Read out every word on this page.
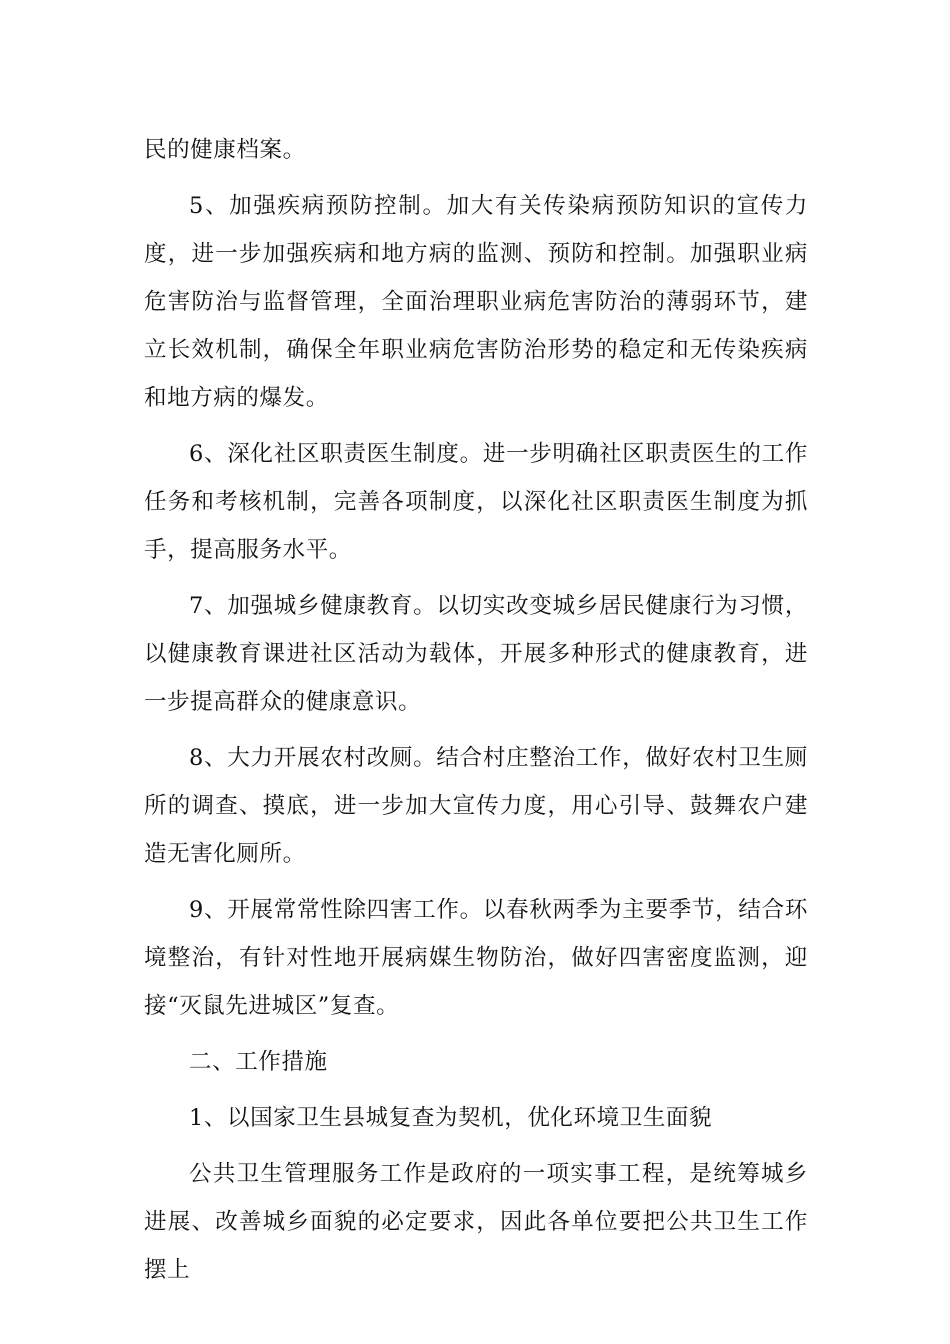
民的健康档案。

5、加强疾病预防控制。加大有关传染病预防知识的宣传力度，进一步加强疾病和地方病的监测、预防和控制。加强职业病危害防治与监督管理，全面治理职业病危害防治的薄弱环节，建立长效机制，确保全年职业病危害防治形势的稳定和无传染疾病和地方病的爆发。

6、深化社区职责医生制度。进一步明确社区职责医生的工作任务和考核机制，完善各项制度，以深化社区职责医生制度为抓手，提高服务水平。

7、加强城乡健康教育。以切实改变城乡居民健康行为习惯，以健康教育课进社区活动为载体，开展多种形式的健康教育，进一步提高群众的健康意识。

8、大力开展农村改厕。结合村庄整治工作，做好农村卫生厕所的调查、摸底，进一步加大宣传力度，用心引导、鼓舞农户建造无害化厕所。

9、开展常常性除四害工作。以春秋两季为主要季节，结合环境整治，有针对性地开展病媒生物防治，做好四害密度监测，迎接“灭鼠先进城区”复查。

二、工作措施

1、以国家卫生县城复查为契机，优化环境卫生面貌

公共卫生管理服务工作是政府的一项实事工程，是统筹城乡进展、改善城乡面貌的必定要求，因此各单位要把公共卫生工作摆上
